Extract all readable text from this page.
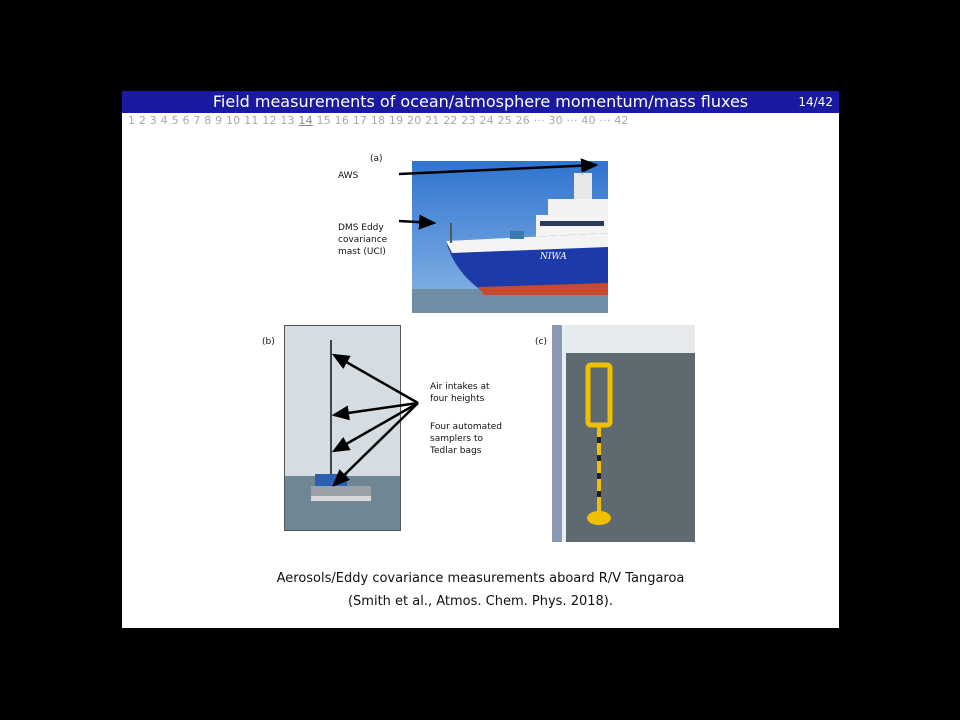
Field measurements of ocean/atmosphere momentum/mass fluxes	14/42
1 2 3 4 5 6 7 8 9 10 11 12 13 14 15 16 17 18 19 20 21 22 23 24 25 26 ··· 30 ··· 40 ··· 42
(a)
AWS
DMS Eddy
covariance
mast (UCI)	NIWA
(b)
Air intakes at
four heights
Four automated
samplers to
Tedlar bags
(c)
Aerosols/Eddy covariance measurements aboard R/V Tangaroa
(Smith et al., Atmos. Chem. Phys. 2018).
